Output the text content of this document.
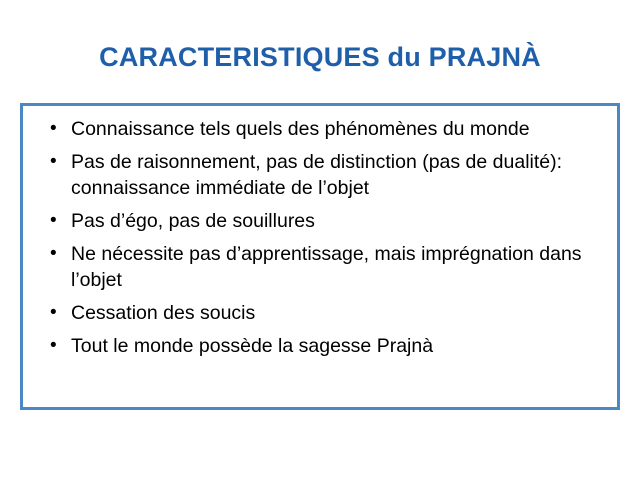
CARACTERISTIQUES du PRAJNÀ
• Connaissance tels quels des phénomènes du monde
• Pas de raisonnement, pas de distinction (pas de dualité): connaissance immédiate de l’objet
• Pas d’égo, pas de souillures
• Ne nécessite pas d’apprentissage, mais imprégnation dans l’objet
• Cessation des soucis
• Tout le monde possède la sagesse Prajnà
